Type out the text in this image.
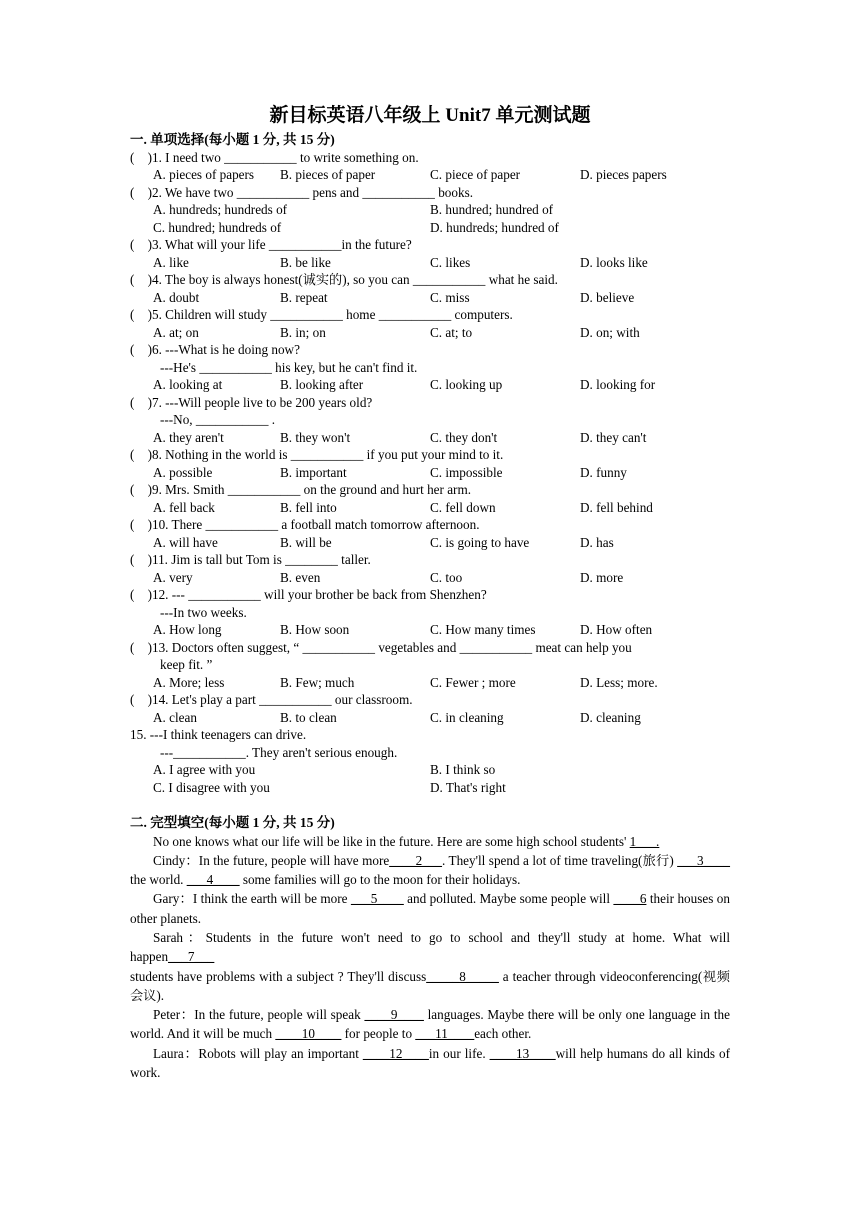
新目标英语八年级上 Unit7 单元测试题
一. 单项选择(每小题 1 分, 共 15 分)
(    )1. I need two ___________ to write something on.
A. pieces of papers	B. pieces of paper	C. piece of paper	D. pieces papers
(    )2. We have two ___________ pens and ___________ books.
A. hundreds; hundreds of	B. hundred; hundred of
C. hundred; hundreds of	D. hundreds; hundred of
(    )3. What will your life ___________in the future?
A. like	B. be like	C. likes	D. looks like
(    )4. The boy is always honest(诚实的), so you can ___________ what he said.
A. doubt	B. repeat	C. miss	D. believe
(    )5. Children will study ___________ home ___________ computers.
A. at; on	B. in; on	C. at; to	D. on; with
(    )6. ---What is he doing now?
---He's ___________ his key, but he can't find it.
A. looking at	B. looking after	C. looking up	D. looking for
(    )7. ---Will people live to be 200 years old?
---No, ___________ .
A. they aren't	B. they won't	C. they don't	D. they can't
(    )8. Nothing in the world is ___________ if you put your mind to it.
A. possible	B. important	C. impossible	D. funny
(    )9. Mrs. Smith ___________ on the ground and hurt her arm.
A. fell back	B. fell into	C. fell down	D. fell behind
(    )10. There ___________ a football match tomorrow afternoon.
A. will have	B. will be	C. is going to have	D. has
(    )11. Jim is tall but Tom is ________ taller.
A. very	B. even	C. too	D. more
(    )12. --- ___________ will your brother be back from Shenzhen?
---In two weeks.
A. How long	B. How soon	C. How many times	D. How often
(    )13. Doctors often suggest, “ ___________ vegetables and ___________ meat can help you
keep fit. ”
A. More; less	B. Few; much	C. Fewer ; more	D. Less; more.
(    )14. Let's play a part ___________ our classroom.
A. clean	B. to clean	C. in cleaning	D. cleaning
15. ---I think teenagers can drive.
---___________. They aren't serious enough.
A. I agree with you	B. I think so
C. I disagree with you	D. That's right
二. 完型填空(每小题 1 分, 共 15 分)

No one knows what our life will be like in the future. Here are some high school students' 1___.

Cindy：In the future, people will have more____2___. They'll spend a lot of time traveling(旅行) ___3____ the world. ___4____ some families will go to the moon for their holidays.

Gary：I think the earth will be more ___5____ and polluted. Maybe some people will ____6 their houses on other planets.

Sarah：Students in the future won't need to go to school and they'll study at home. What will happen___7___

students have problems with a subject ? They'll discuss_____8_____ a teacher through videoconferencing(视频会议).

Peter：In the future, people will speak ____9____ languages. Maybe there will be only one language in the world. And it will be much ____10____ for people to ___11____each other.

Laura：Robots will play an important ____12____in our life. ____13____will help humans do all kinds of work.
